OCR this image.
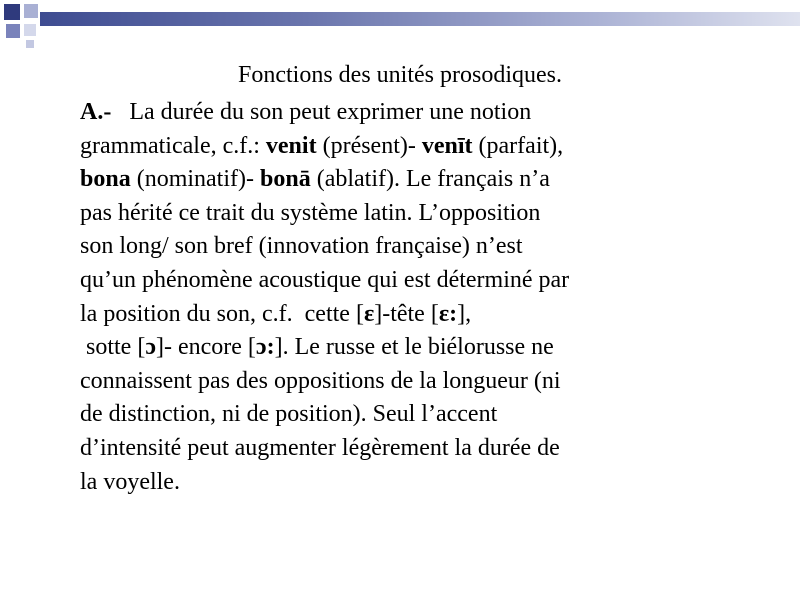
Fonctions des unités prosodiques.
A.-   La durée du son peut exprimer une notion
grammaticale, c.f.: venit (présent)- venīt (parfait),
bona (nominatif)- bonā (ablatif). Le français n’a
pas hérité ce trait du système latin. L’opposition
son long/ son bref (innovation française) n’est
qu’un phénomène acoustique qui est déterminé par
la position du son, c.f.  cette [ε]-tête [ε:],
sotte [ɔ]- encore [ɔ:]. Le russe et le biélorusse ne
connaissent pas des oppositions de la longueur (ni
de distinction, ni de position). Seul l’accent
d’intensité peut augmenter légèrement la durée de
la voyelle.
